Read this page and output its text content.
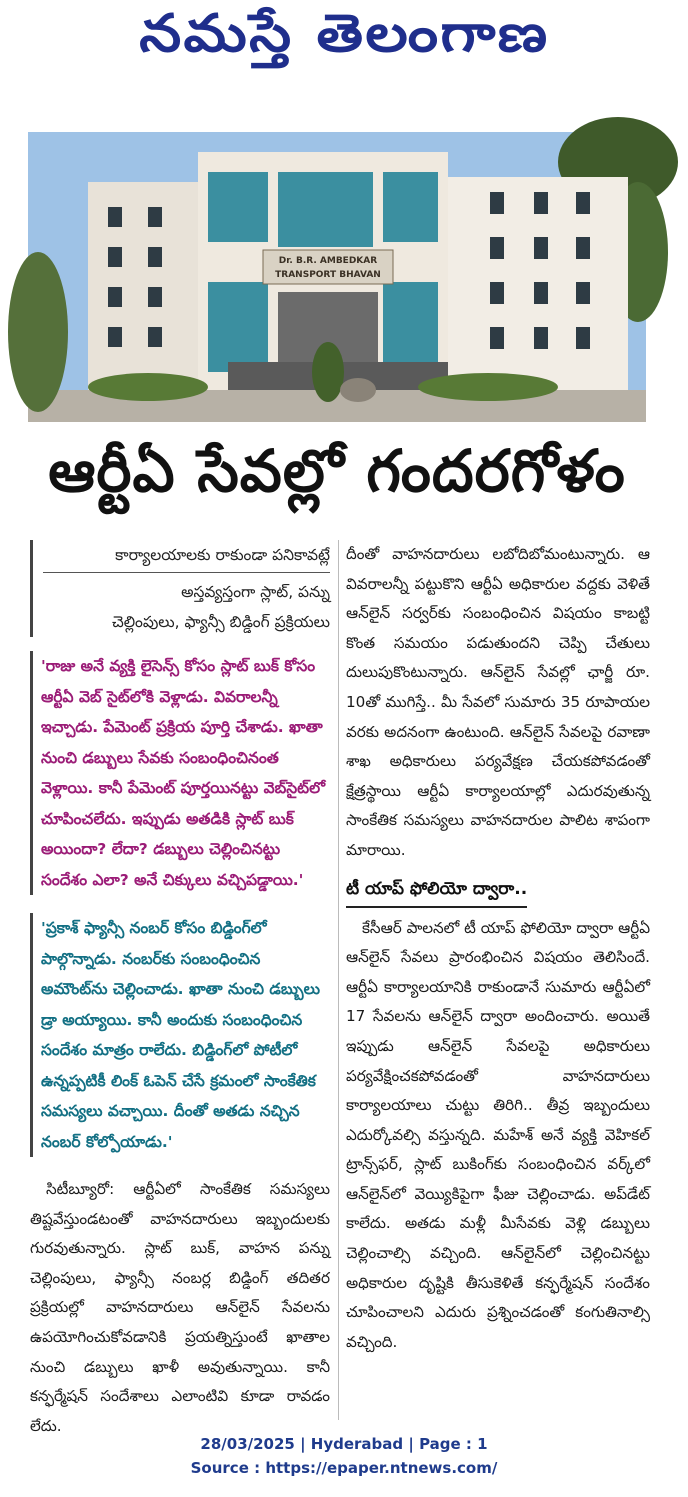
నమస్తే తెలంగాణ
Dr. B.R. AMBEDKAR
TRANSPORT BHAVAN
ఆర్టీఏ సేవల్లో గందరగోళం

కార్యాలయాలకు రాకుండా పనికావట్లే

అస్తవ్యస్తంగా స్లాట్, పన్ను

చెల్లింపులు, ఫ్యాన్సీ బిడ్డింగ్ ప్రక్రియలు

'రాజు అనే వ్యక్తి లైసెన్స్ కోసం స్లాట్ బుక్ కోసం ఆర్టీఏ వెబ్ సైట్‌లోకి వెళ్లాడు. వివరాలన్నీ ఇచ్చాడు. పేమెంట్ ప్రక్రియ పూర్తి చేశాడు. ఖాతా నుంచి డబ్బులు సేవకు సంబంధించినంత వెళ్లాయి. కానీ పేమెంట్ పూర్తయినట్టు వెబ్‌సైట్‌లో చూపించలేదు. ఇప్పుడు అతడికి స్లాట్ బుక్ అయిందా? లేదా? డబ్బులు చెల్లించినట్టు సందేశం ఎలా? అనే చిక్కులు వచ్చిపడ్డాయి.'

'ప్రకాశ్ ఫ్యాన్సీ నంబర్ కోసం బిడ్డింగ్‌లో పాల్గొన్నాడు. నంబర్‌కు సంబంధించిన అమౌంట్‌ను చెల్లించాడు. ఖాతా నుంచి డబ్బులు డ్రా అయ్యాయి. కానీ అందుకు సంబంధించిన సందేశం మాత్రం రాలేదు. బిడ్డింగ్‌లో పోటీలో ఉన్నప్పటికీ లింక్ ఓపెన్ చేసే క్రమంలో సాంకేతిక సమస్యలు వచ్చాయి. దీంతో అతడు నచ్చిన నంబర్ కోల్పోయాడు.'

సిటీబ్యూరో: ఆర్టీఏలో సాంకేతిక సమస్యలు తిష్టవేస్తుండటంతో వాహనదారులు ఇబ్బందులకు గురవుతున్నారు. స్లాట్ బుక్, వాహన పన్ను చెల్లింపులు, ఫ్యాన్సీ నంబర్ల బిడ్డింగ్ తదితర ప్రక్రియల్లో వాహనదారులు ఆన్‌లైన్ సేవలను ఉపయోగించుకోవడానికి ప్రయత్నిస్తుంటే ఖాతాల నుంచి డబ్బులు ఖాళీ అవుతున్నాయి. కానీ కన్ఫర్మేషన్ సందేశాలు ఎలాంటివి కూడా రావడం లేదు.

దీంతో వాహనదారులు లబోదిబోమంటున్నారు. ఆ వివరాలన్నీ పట్టుకొని ఆర్టీఏ అధికారుల వద్దకు వెళితే ఆన్‌లైన్ సర్వర్‌కు సంబంధించిన విషయం కాబట్టి కొంత సమయం పడుతుందని చెప్పి చేతులు దులుపుకొంటున్నారు. ఆన్‌లైన్ సేవల్లో ఛార్జీ రూ. 10తో ముగిస్తే.. మీ సేవలో సుమారు 35 రూపాయల వరకు అదనంగా ఉంటుంది. ఆన్‌లైన్ సేవలపై రవాణా శాఖ అధికారులు పర్యవేక్షణ చేయకపోవడంతో క్షేత్రస్థాయి ఆర్టీఏ కార్యాలయాల్లో ఎదురవుతున్న సాంకేతిక సమస్యలు వాహనదారుల పాలిట శాపంగా మారాయి.

టీ యాప్ ఫోలియో ద్వారా..

కేసీఆర్ పాలనలో టీ యాప్ ఫోలియో ద్వారా ఆర్టీఏ ఆన్‌లైన్ సేవలు ప్రారంభించిన విషయం తెలిసిందే. ఆర్టీఏ కార్యాలయానికి రాకుండానే సుమారు ఆర్టీఏలో 17 సేవలను ఆన్‌లైన్ ద్వారా అందించారు. అయితే ఇప్పుడు ఆన్‌లైన్ సేవలపై అధికారులు పర్యవేక్షించకపోవడంతో వాహనదారులు కార్యాలయాలు చుట్టు తిరిగి.. తీవ్ర ఇబ్బందులు ఎదుర్కోవల్సి వస్తున్నది. మహేశ్ అనే వ్యక్తి వెహికల్ ట్రాన్స్‌ఫర్, స్లాట్ బుకింగ్‌కు సంబంధించిన వర్క్‌లో ఆన్‌లైన్‌లో వెయ్యికిపైగా ఫీజు చెల్లించాడు. అప్‌డేట్ కాలేదు. అతడు మళ్లీ మీసేవకు వెళ్లి డబ్బులు చెల్లించాల్సి వచ్చింది. ఆన్‌లైన్‌లో చెల్లించినట్టు అధికారుల దృష్టికి తీసుకెళితే కన్ఫర్మేషన్ సందేశం చూపించాలని ఎదురు ప్రశ్నించడంతో కంగుతినాల్సి వచ్చింది.

28/03/2025 | Hyderabad | Page : 1
Source : https://epaper.ntnews.com/
